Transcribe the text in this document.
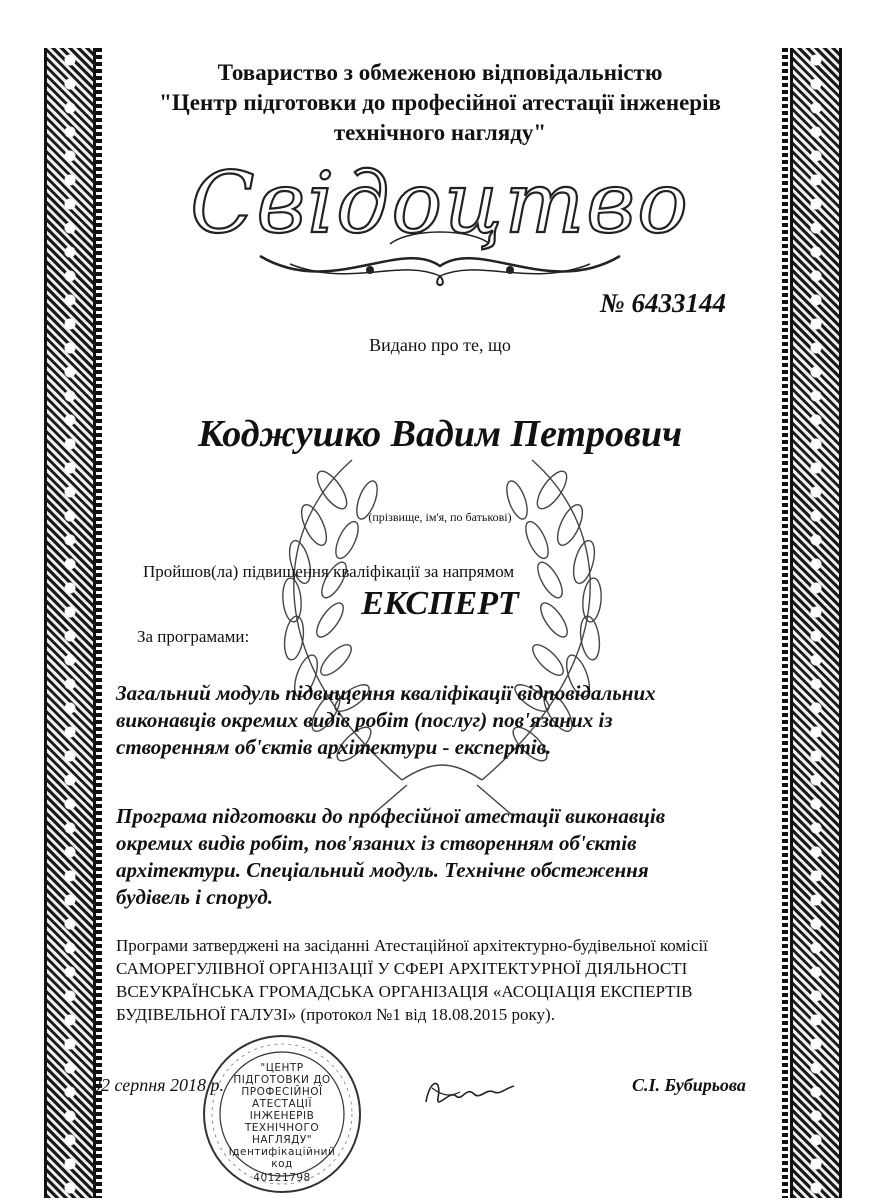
Товариство з обмеженою відповідальністю
"Центр підготовки до професійної атестації інженерів
технічного нагляду"
Свідоцтво
№ 6433144
Видано про те, що
Коджушко Вадим Петрович
(прізвище, ім'я, по батькові)
Пройшов(ла) підвищення кваліфікації за напрямом
ЕКСПЕРТ
За програмами:
Загальний модуль підвищення кваліфікації відповідальних
виконавців окремих видів робіт (послуг) пов'язаних із
створенням об'єктів архітектури - експертів.
Програма підготовки до професійної атестації виконавців
окремих видів робіт, пов'язаних із створенням об'єктів
архітектури. Спеціальний модуль. Технічне обстеження
будівель і споруд.
Програми затверджені на засіданні Атестаційної архітектурно-будівельної комісії
САМОРЕГУЛІВНОЇ ОРГАНІЗАЦІЇ У СФЕРІ АРХІТЕКТУРНОЇ ДІЯЛЬНОСТІ
ВСЕУКРАЇНСЬКА ГРОМАДСЬКА ОРГАНІЗАЦІЯ «АСОЦІАЦІЯ ЕКСПЕРТІВ
БУДІВЕЛЬНОЇ ГАЛУЗІ» (протокол №1 від 18.08.2015 року).
"ЦЕНТР
ПІДГОТОВКИ ДО
ПРОФЕСІЙНОЇ АТЕСТАЦІЇ
ІНЖЕНЕРІВ
ТЕХНІЧНОГО НАГЛЯДУ"
Ідентифікаційний
код
40121798
02 серпня 2018 р.	С.І. Бубирьова
